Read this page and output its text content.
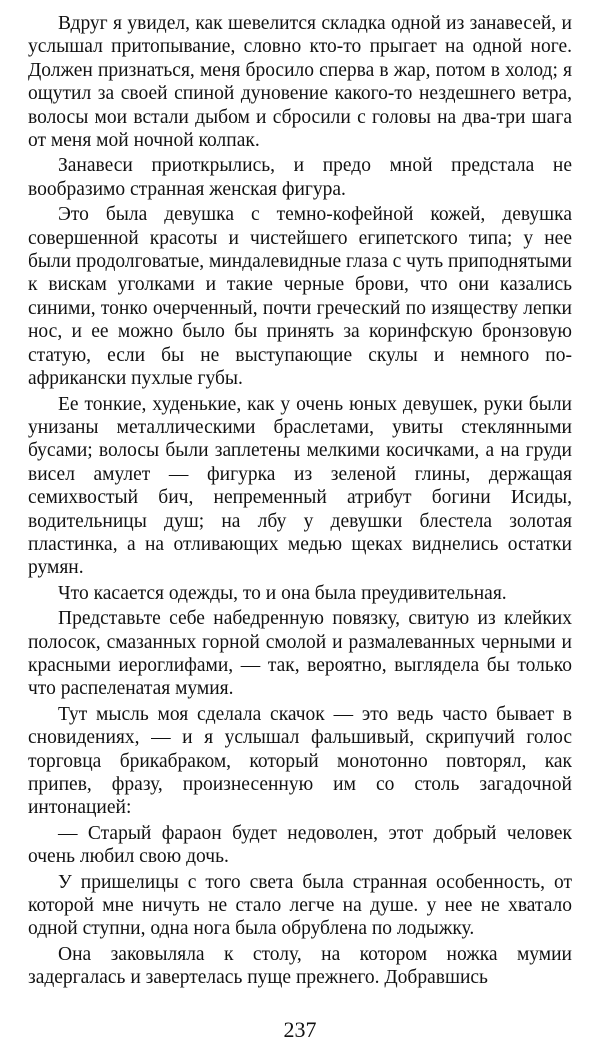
Вдруг я увидел, как шевелится складка одной из занавесей, и услышал притопывание, словно кто-то прыгает на одной ноге. Должен признаться, меня бросило сперва в жар, потом в холод; я ощутил за своей спиной дуновение какого-то нездешнего ветра, волосы мои встали дыбом и сбросили с головы на два-три шага от меня мой ночной колпак.

Занавеси приоткрылись, и предо мной предстала не вообразимо странная женская фигура.

Это была девушка с темно-кофейной кожей, девушка совершенной красоты и чистейшего египетского типа; у нее были продолговатые, миндалевидные глаза с чуть приподнятыми к вискам уголками и такие черные брови, что они казались синими, тонко очерченный, почти греческий по изяществу лепки нос, и ее можно было бы принять за коринфскую бронзовую статую, если бы не выступающие скулы и немного по-африкански пухлые губы.

Ее тонкие, худенькие, как у очень юных девушек, руки были унизаны металлическими браслетами, увиты стеклянными бусами; волосы были заплетены мелкими косичками, а на груди висел амулет — фигурка из зеленой глины, держащая семихвостый бич, непременный атрибут богини Исиды, водительницы душ; на лбу у девушки блестела золотая пластинка, а на отливающих медью щеках виднелись остатки румян.

Что касается одежды, то и она была преудивительная.

Представьте себе набедренную повязку, свитую из клейких полосок, смазанных горной смолой и размалеванных черными и красными иероглифами, — так, вероятно, выглядела бы только что распеленатая мумия.

Тут мысль моя сделала скачок — это ведь часто бывает в сновидениях, — и я услышал фальшивый, скрипучий голос торговца брикабраком, который монотонно повторял, как припев, фразу, произнесенную им со столь загадочной интонацией:

— Старый фараон будет недоволен, этот добрый человек очень любил свою дочь.

У пришелицы с того света была странная особенность, от которой мне ничуть не стало легче на душе. у нее не хватало одной ступни, одна нога была обрублена по лодыжку.

Она заковыляла к столу, на котором ножка мумии задергалась и завертелась пуще прежнего. Добравшись

237
